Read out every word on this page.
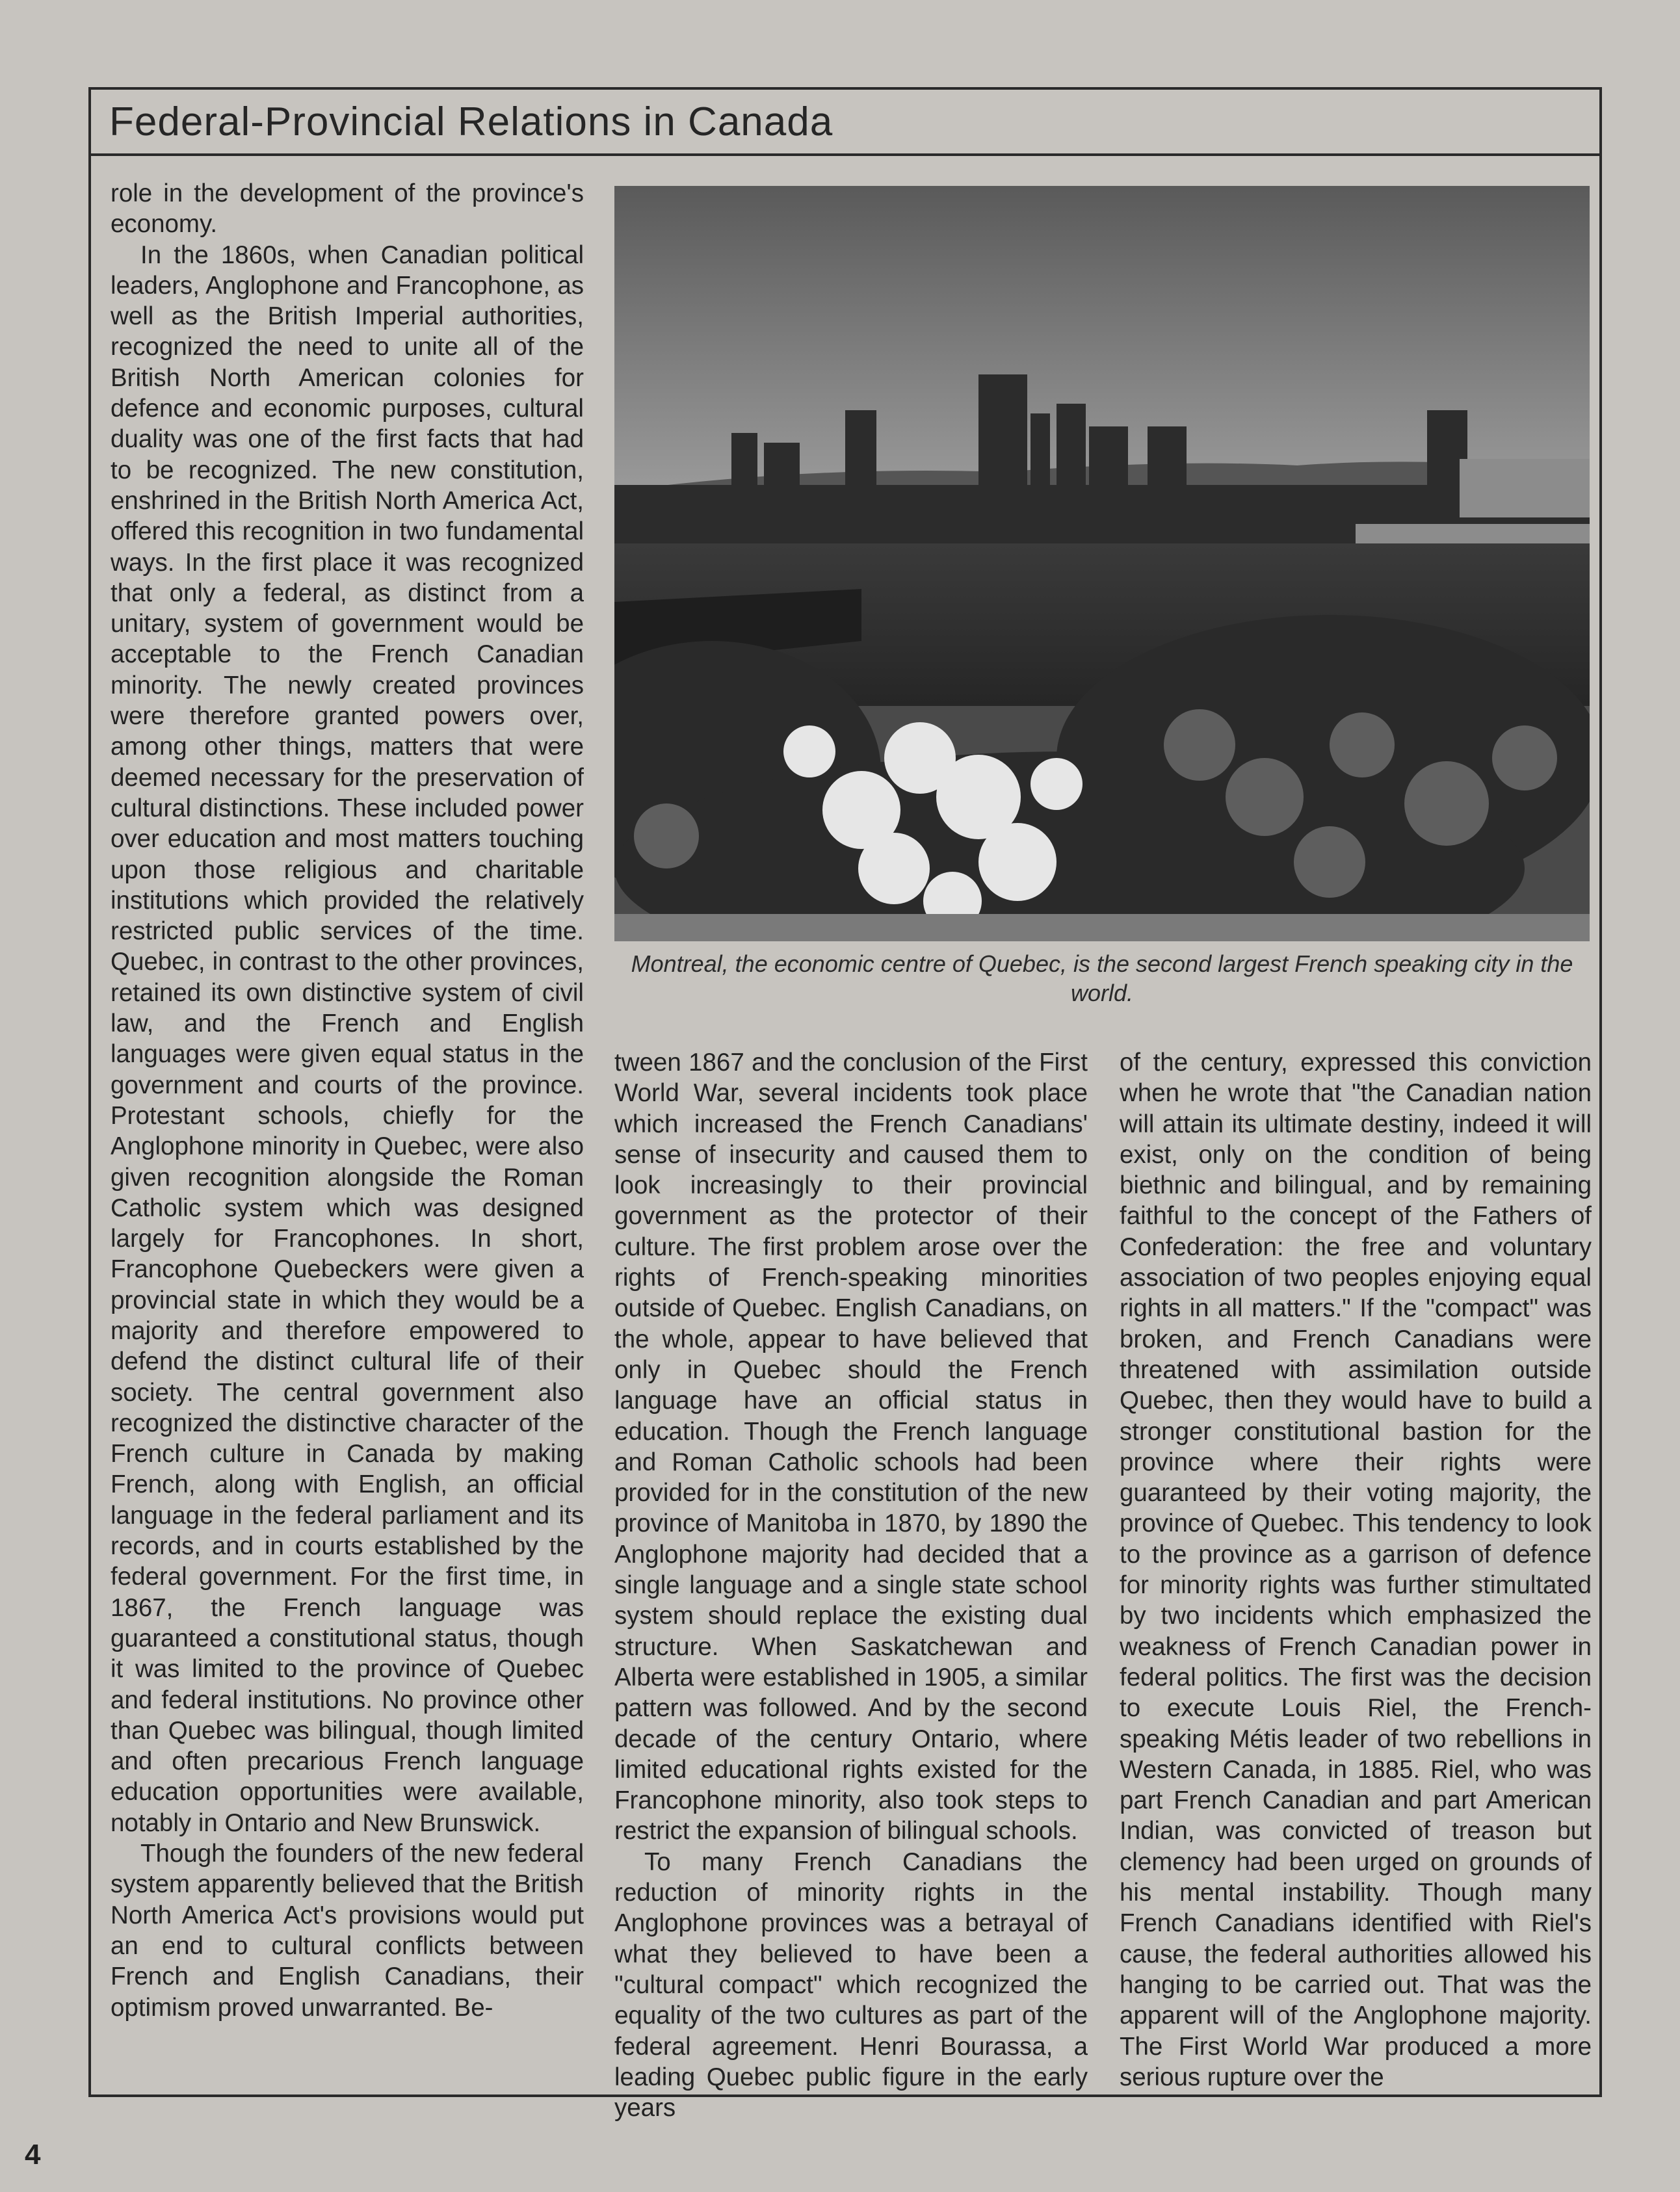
Federal-Provincial Relations in Canada

role in the development of the province's economy.

In the 1860s, when Canadian political leaders, Anglophone and Francophone, as well as the British Imperial authorities, recognized the need to unite all of the British North American colonies for defence and economic purposes, cultural duality was one of the first facts that had to be recognized. The new constitution, enshrined in the British North America Act, offered this recognition in two fundamental ways. In the first place it was recognized that only a federal, as distinct from a unitary, system of government would be acceptable to the French Canadian minority. The newly created provinces were therefore granted powers over, among other things, matters that were deemed necessary for the preservation of cultural distinctions. These included power over education and most matters touching upon those religious and charitable institutions which provided the relatively restricted public services of the time. Quebec, in contrast to the other provinces, retained its own distinctive system of civil law, and the French and English languages were given equal status in the government and courts of the province. Protestant schools, chiefly for the Anglophone minority in Quebec, were also given recognition alongside the Roman Catholic system which was designed largely for Francophones. In short, Francophone Quebeckers were given a provincial state in which they would be a majority and therefore empowered to defend the distinct cultural life of their society. The central government also recognized the distinctive character of the French culture in Canada by making French, along with English, an official language in the federal parliament and its records, and in courts established by the federal government. For the first time, in 1867, the French language was guaranteed a constitutional status, though it was limited to the province of Quebec and federal institutions. No province other than Quebec was bilingual, though limited and often precarious French language education opportunities were available, notably in Ontario and New Brunswick.

Though the founders of the new federal system apparently believed that the British North America Act's provisions would put an end to cultural conflicts between French and English Canadians, their optimism proved unwarranted. Be-

Montreal, the economic centre of Quebec, is the second largest French speaking city in the world.

tween 1867 and the conclusion of the First World War, several incidents took place which increased the French Canadians' sense of insecurity and caused them to look increasingly to their provincial government as the protector of their culture. The first problem arose over the rights of French-speaking minorities outside of Quebec. English Canadians, on the whole, appear to have believed that only in Quebec should the French language have an official status in education. Though the French language and Roman Catholic schools had been provided for in the constitution of the new province of Manitoba in 1870, by 1890 the Anglophone majority had decided that a single language and a single state school system should replace the existing dual structure. When Saskatchewan and Alberta were established in 1905, a similar pattern was followed. And by the second decade of the century Ontario, where limited educational rights existed for the Francophone minority, also took steps to restrict the expansion of bilingual schools.

To many French Canadians the reduction of minority rights in the Anglophone provinces was a betrayal of what they believed to have been a "cultural compact" which recognized the equality of the two cultures as part of the federal agreement. Henri Bourassa, a leading Quebec public figure in the early years

of the century, expressed this conviction when he wrote that "the Canadian nation will attain its ultimate destiny, indeed it will exist, only on the condition of being biethnic and bilingual, and by remaining faithful to the concept of the Fathers of Confederation: the free and voluntary association of two peoples enjoying equal rights in all matters." If the "compact" was broken, and French Canadians were threatened with assimilation outside Quebec, then they would have to build a stronger constitutional bastion for the province where their rights were guaranteed by their voting majority, the province of Quebec. This tendency to look to the province as a garrison of defence for minority rights was further stimultated by two incidents which emphasized the weakness of French Canadian power in federal politics. The first was the decision to execute Louis Riel, the French-speaking Métis leader of two rebellions in Western Canada, in 1885. Riel, who was part French Canadian and part American Indian, was convicted of treason but clemency had been urged on grounds of his mental instability. Though many French Canadians identified with Riel's cause, the federal authorities allowed his hanging to be carried out. That was the apparent will of the Anglophone majority. The First World War produced a more serious rupture over the

4
